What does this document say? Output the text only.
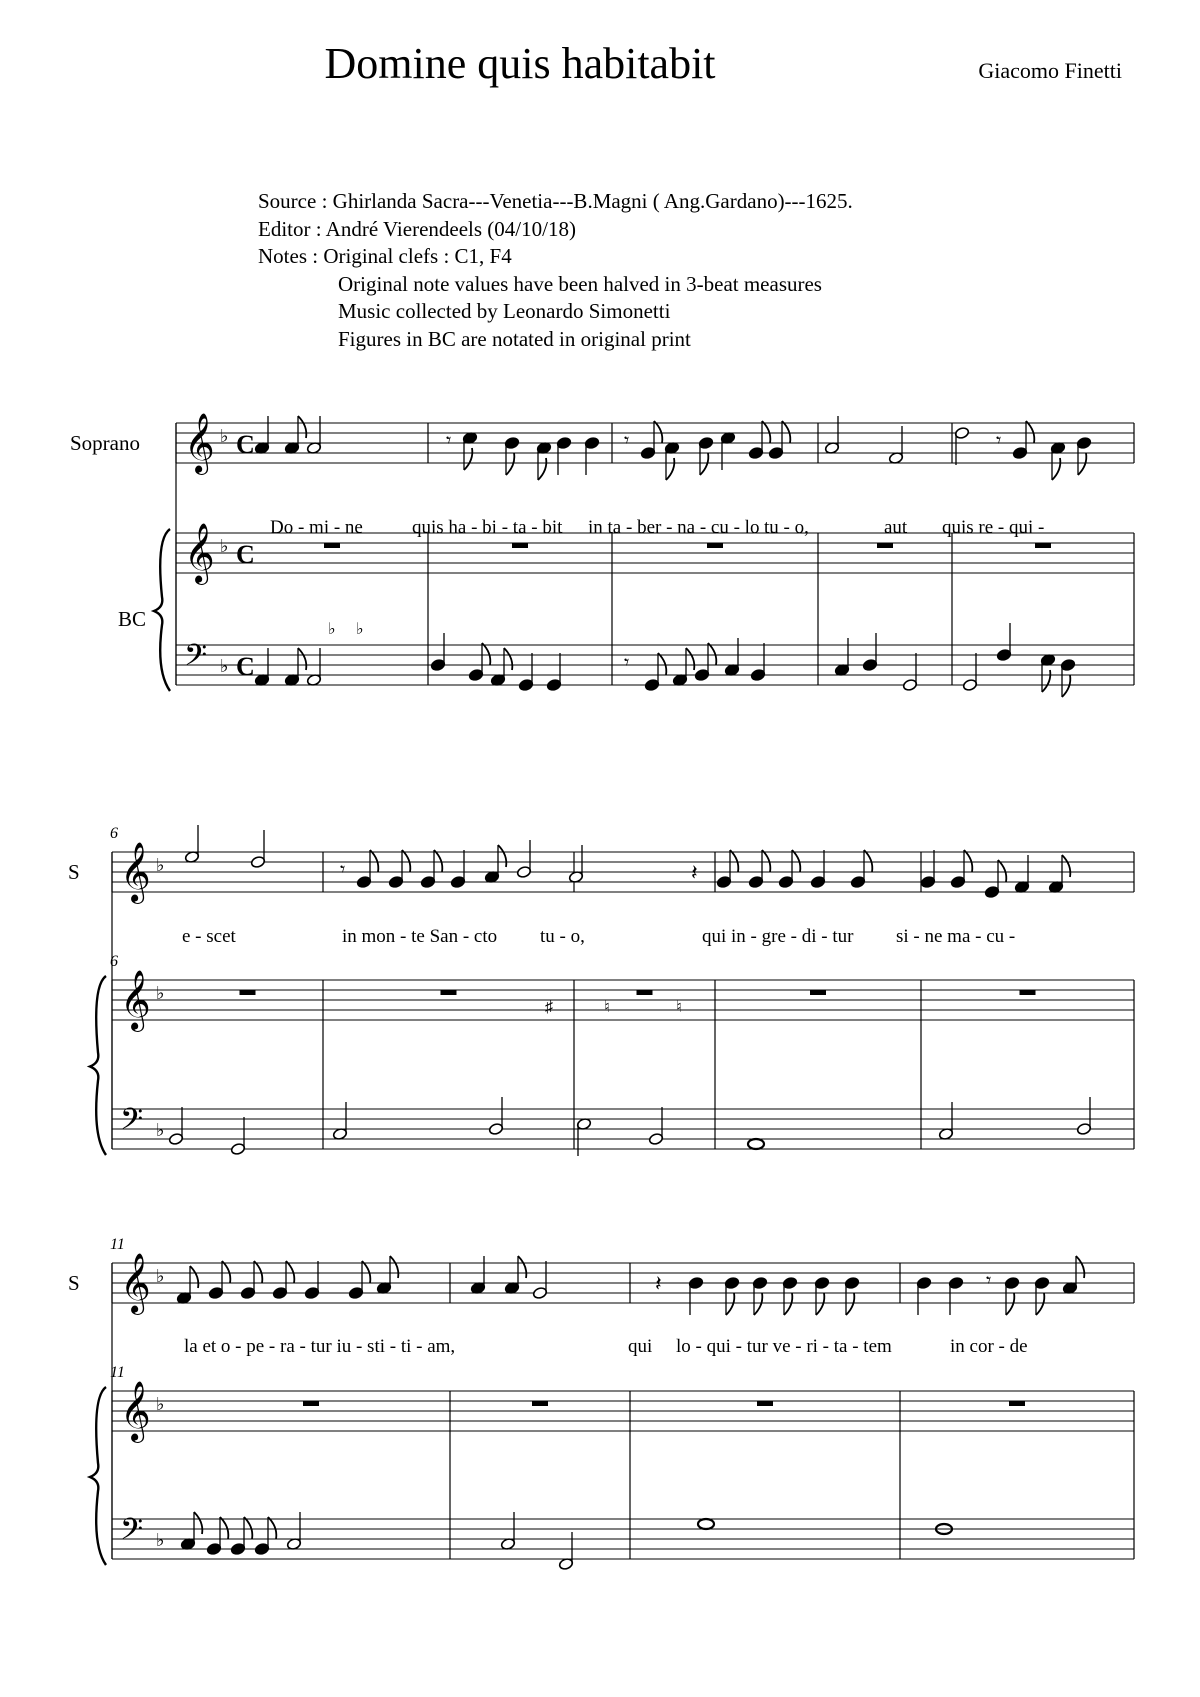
Domine quis habitabit	Giacomo Finetti
Source : Ghirlanda Sacra---Venetia---B.Magni ( Ang.Gardano)---1625.
Editor : André Vierendeels (04/10/18)
Notes : Original clefs : C1, F4
Original note values have been halved in 3-beat measures
Music collected by Leonardo Simonetti
Figures in BC are notated in original print
𝄞
𝄞
𝄢
♭
♭
♭
C
C
C
Soprano
BC
Do - mi - ne	quis ha - bi - ta - bit in ta - ber - na - cu - lo tu - o,	aut quis re - qui -
♭ ♭
𝄞
𝄞
𝄢
♭
♭
♭
S
6
6
e - scet	in mon - te San - cto tu - o,	qui in - gre - di - tur si - ne ma - cu -
♯	♮	♮
𝄞
𝄞
𝄢
♭
♭
♭
S
11
11
la et o - pe - ra - tur iu - sti - ti - am,	qui lo - qui - tur ve - ri - ta - tem	in cor - de
𝄾	𝄾	𝄾
𝄾
𝄾	𝄽
𝄽	𝄾
